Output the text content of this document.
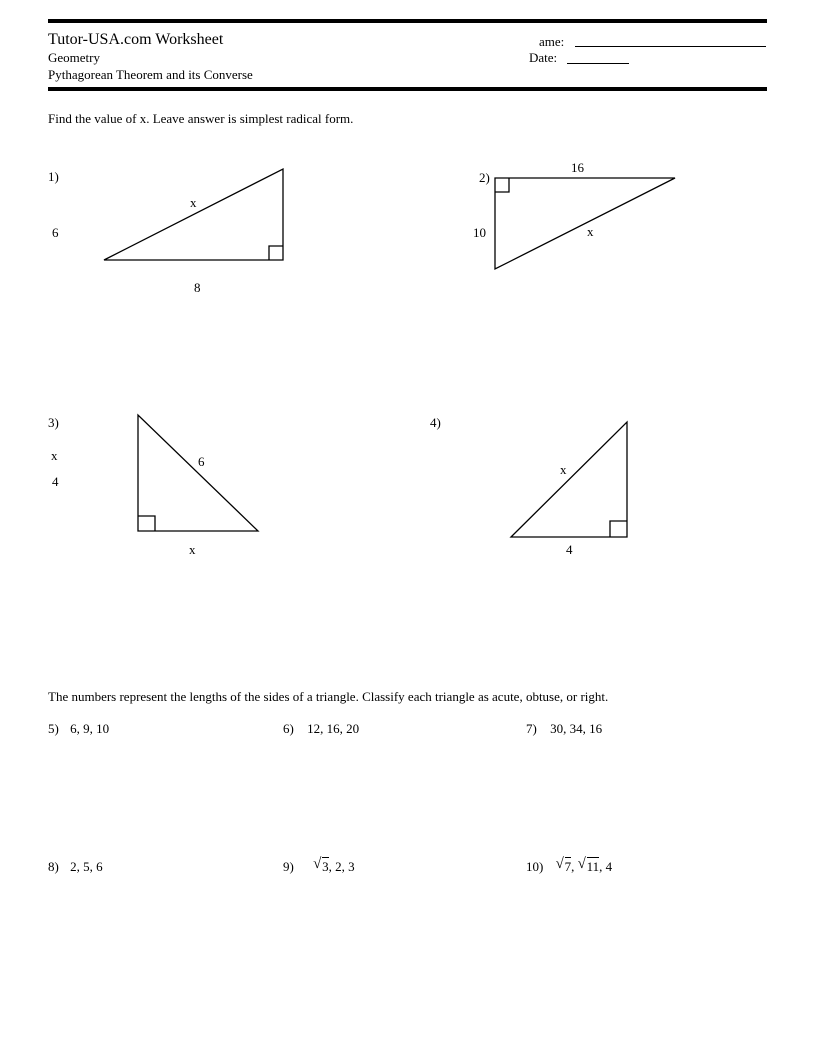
Tutor-USA.com Worksheet
Geometry
Pythagorean Theorem and its Converse
ame:
Date:
Find the value of x. Leave answer is simplest radical form.
1)
x
6
8
2)
16
10	x
3)
x
4
6
x
4)
x
4
The numbers represent the lengths of the sides of a triangle. Classify each triangle as acute, obtuse, or right.
5) 6, 9, 10	6) 12, 16, 20	7) 30, 34, 16
8) 2, 5, 6	9) √ 3, 2, 3	10) √ 7, √ 11, 4
